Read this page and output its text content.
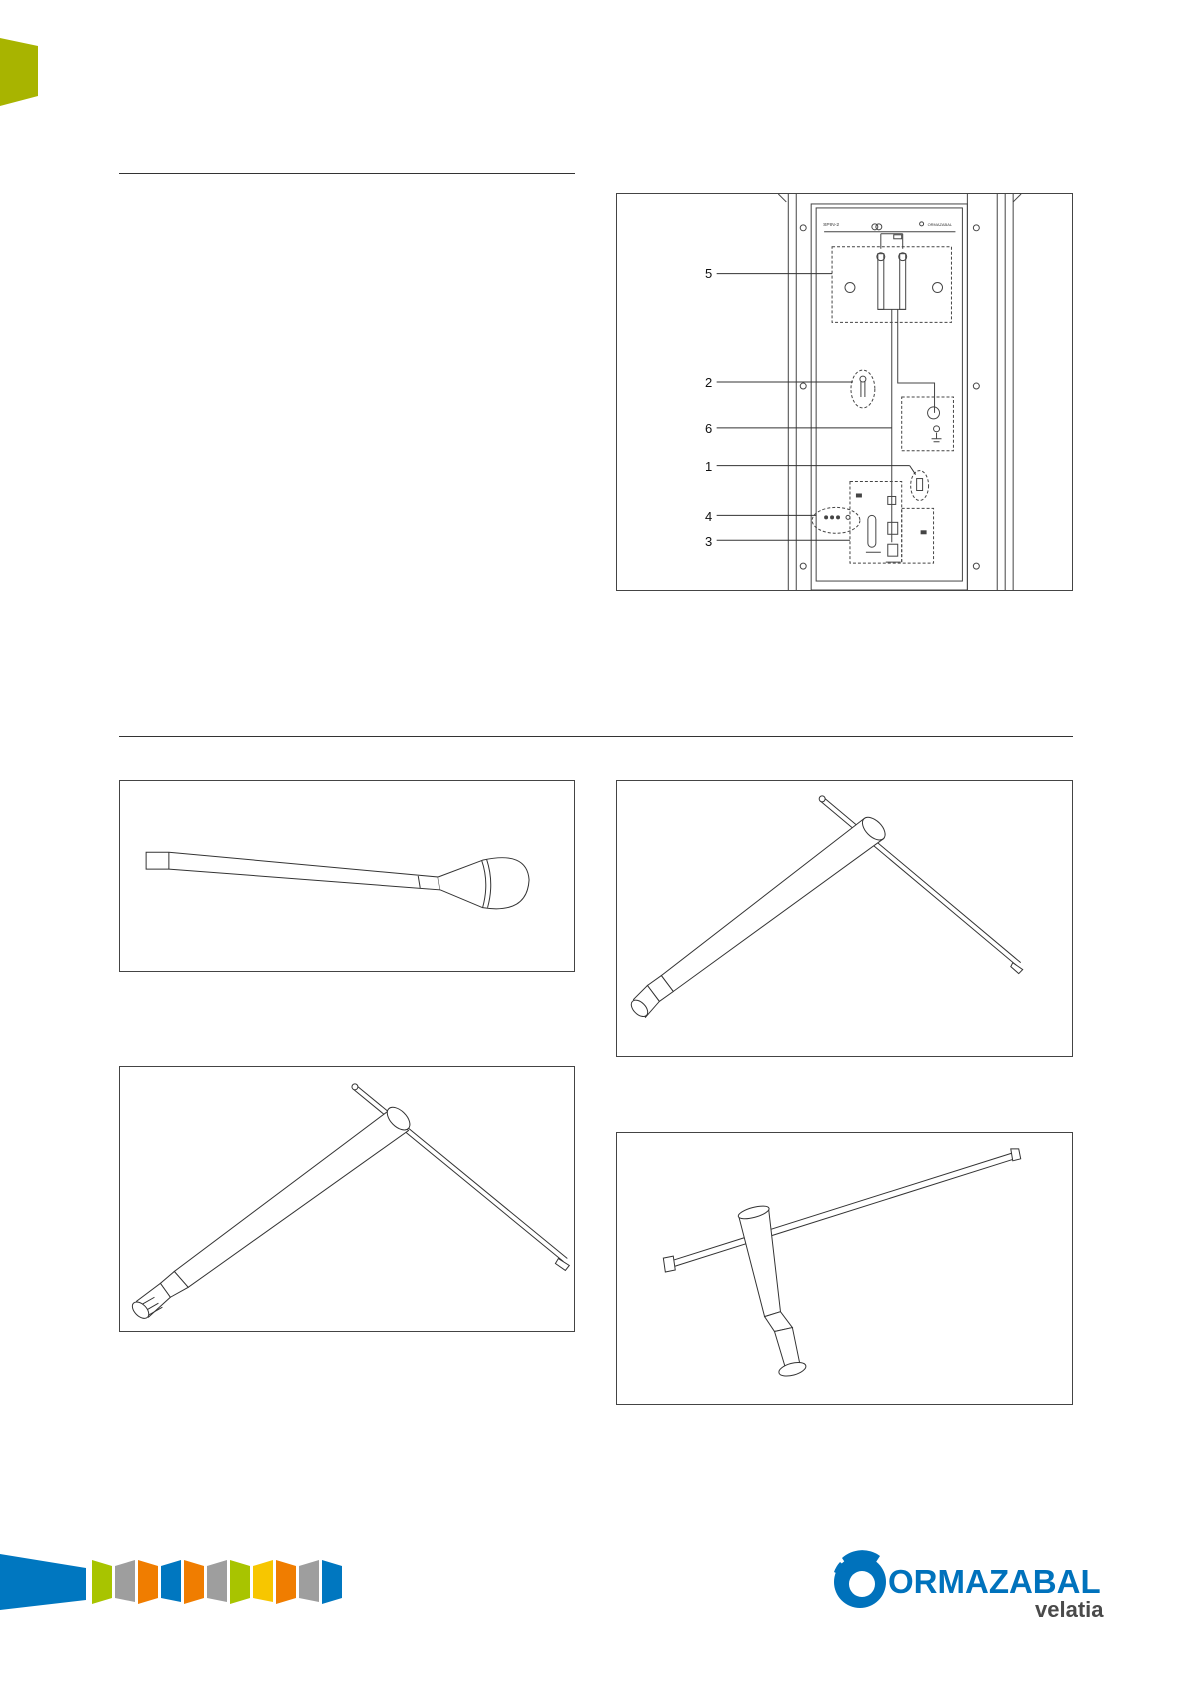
SPIN-2	ORMAZABAL
5
2
6
1
4
3
ORMAZABAL
velatia
